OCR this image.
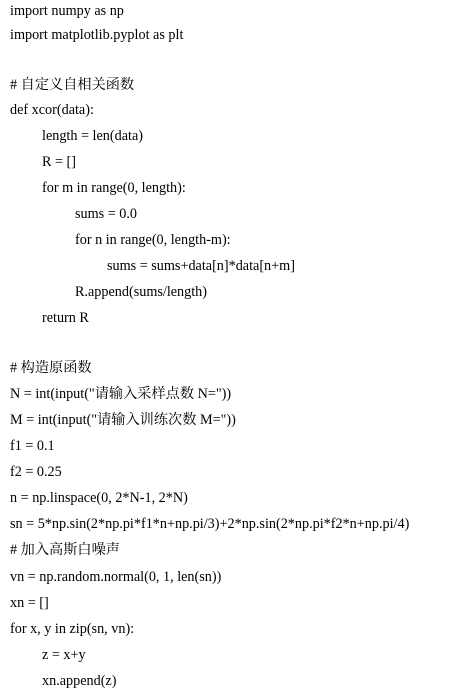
import numpy as np
import matplotlib.pyplot as plt
# 自定义自相关函数
def xcor(data):
length = len(data)
R = []
for m in range(0, length):
sums = 0.0
for n in range(0, length-m):
sums = sums+data[n]*data[n+m]
R.append(sums/length)
return R
# 构造原函数
N = int(input("请输入采样点数 N="))
M = int(input("请输入训练次数 M="))
f1 = 0.1
f2 = 0.25
n = np.linspace(0, 2*N-1, 2*N)
sn = 5*np.sin(2*np.pi*f1*n+np.pi/3)+2*np.sin(2*np.pi*f2*n+np.pi/4)
# 加入高斯白噪声
vn = np.random.normal(0, 1, len(sn))
xn = []
for x, y in zip(sn, vn):
z = x+y
xn.append(z)
